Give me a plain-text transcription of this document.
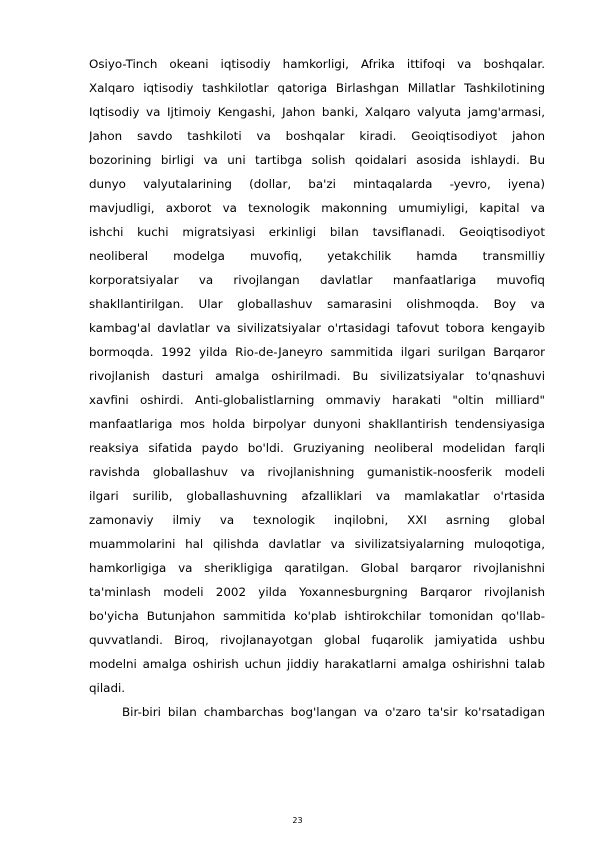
Osiyo-Tinch okeani iqtisodiy hamkorligi, Afrika ittifoqi va boshqalar.
Xalqaro iqtisodiy tashkilotlar qatoriga Birlashgan Millatlar Tashkilotining
Iqtisodiy va Ijtimoiy Kengashi, Jahon banki, Xalqaro valyuta jamg'armasi,
Jahon savdo tashkiloti va boshqalar kiradi. Geoiqtisodiyot jahon
bozorining birligi va uni tartibga solish qoidalari asosida ishlaydi. Bu
dunyo valyutalarining (dollar, ba'zi mintaqalarda -yevro, iyena)
mavjudligi, axborot va texnologik makonning umumiyligi, kapital va
ishchi kuchi migratsiyasi erkinligi bilan tavsiflanadi. Geoiqtisodiyot
neoliberal modelga muvofiq, yetakchilik hamda transmilliy
korporatsiyalar va rivojlangan davlatlar manfaatlariga muvofiq
shakllantirilgan. Ular globallashuv samarasini olishmoqda. Boy va
kambag'al davlatlar va sivilizatsiyalar o'rtasidagi tafovut tobora kengayib
bormoqda. 1992 yilda Rio-de-Janeyro sammitida ilgari surilgan Barqaror
rivojlanish dasturi amalga oshirilmadi. Bu sivilizatsiyalar to'qnashuvi
xavfini oshirdi. Anti-globalistlarning ommaviy harakati "oltin milliard"
manfaatlariga mos holda birpolyar dunyoni shakllantirish tendensiyasiga
reaksiya sifatida paydo bo'ldi. Gruziyaning neoliberal modelidan farqli
ravishda globallashuv va rivojlanishning gumanistik-noosferik modeli
ilgari surilib, globallashuvning afzalliklari va mamlakatlar o'rtasida
zamonaviy ilmiy va texnologik inqilobni, XXI asrning global
muammolarini hal qilishda davlatlar va sivilizatsiyalarning muloqotiga,
hamkorligiga va sherikligiga qaratilgan. Global barqaror rivojlanishni
ta'minlash modeli 2002 yilda Yoxannesburgning Barqaror rivojlanish
bo'yicha Butunjahon sammitida ko'plab ishtirokchilar tomonidan qo'llab-
quvvatlandi. Biroq, rivojlanayotgan global fuqarolik jamiyatida ushbu
modelni amalga oshirish uchun jiddiy harakatlarni amalga oshirishni talab
qiladi.
Bir-biri bilan chambarchas bog'langan va o'zaro ta'sir ko'rsatadigan
23
